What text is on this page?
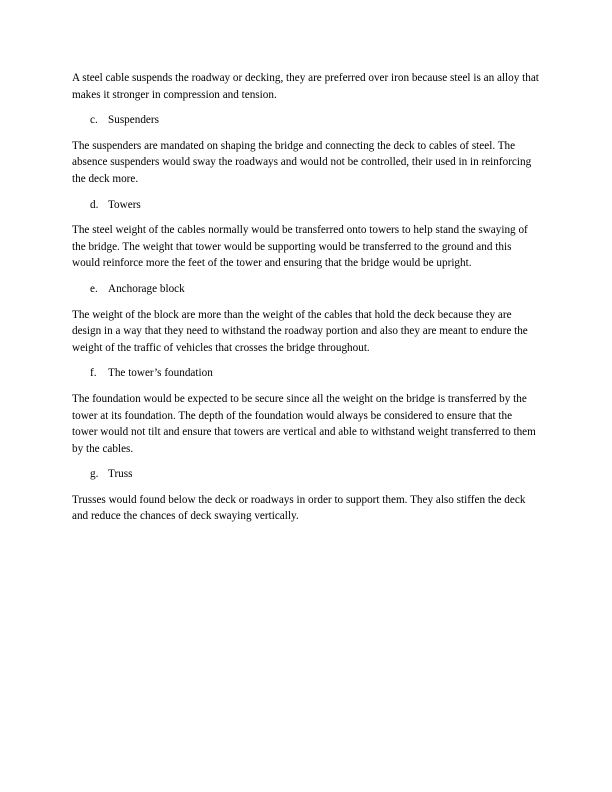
A steel cable suspends the roadway or decking, they are preferred over iron because steel is an alloy that makes it stronger in compression and tension.

c. Suspenders

The suspenders are mandated on shaping the bridge and connecting the deck to cables of steel. The absence suspenders would sway the roadways and would not be controlled, their used in in reinforcing the deck more.

d. Towers

The steel weight of the cables normally would be transferred onto towers to help stand the swaying of the bridge. The weight that tower would be supporting would be transferred to the ground and this would reinforce more the feet of the tower and ensuring that the bridge would be upright.

e. Anchorage block

The weight of the block are more than the weight of the cables that hold the deck because they are design in a way that they need to withstand the roadway portion and also they are meant to endure the weight of the traffic of vehicles that crosses the bridge throughout.

f.	The tower’s foundation

The foundation would be expected to be secure since all the weight on the bridge is transferred by the tower at its foundation. The depth of the foundation would always be considered to ensure that the tower would not tilt and ensure that towers are vertical and able to withstand weight transferred to them by the cables.

g. Truss

Trusses would found below the deck or roadways in order to support them. They also stiffen the deck and reduce the chances of deck swaying vertically.
